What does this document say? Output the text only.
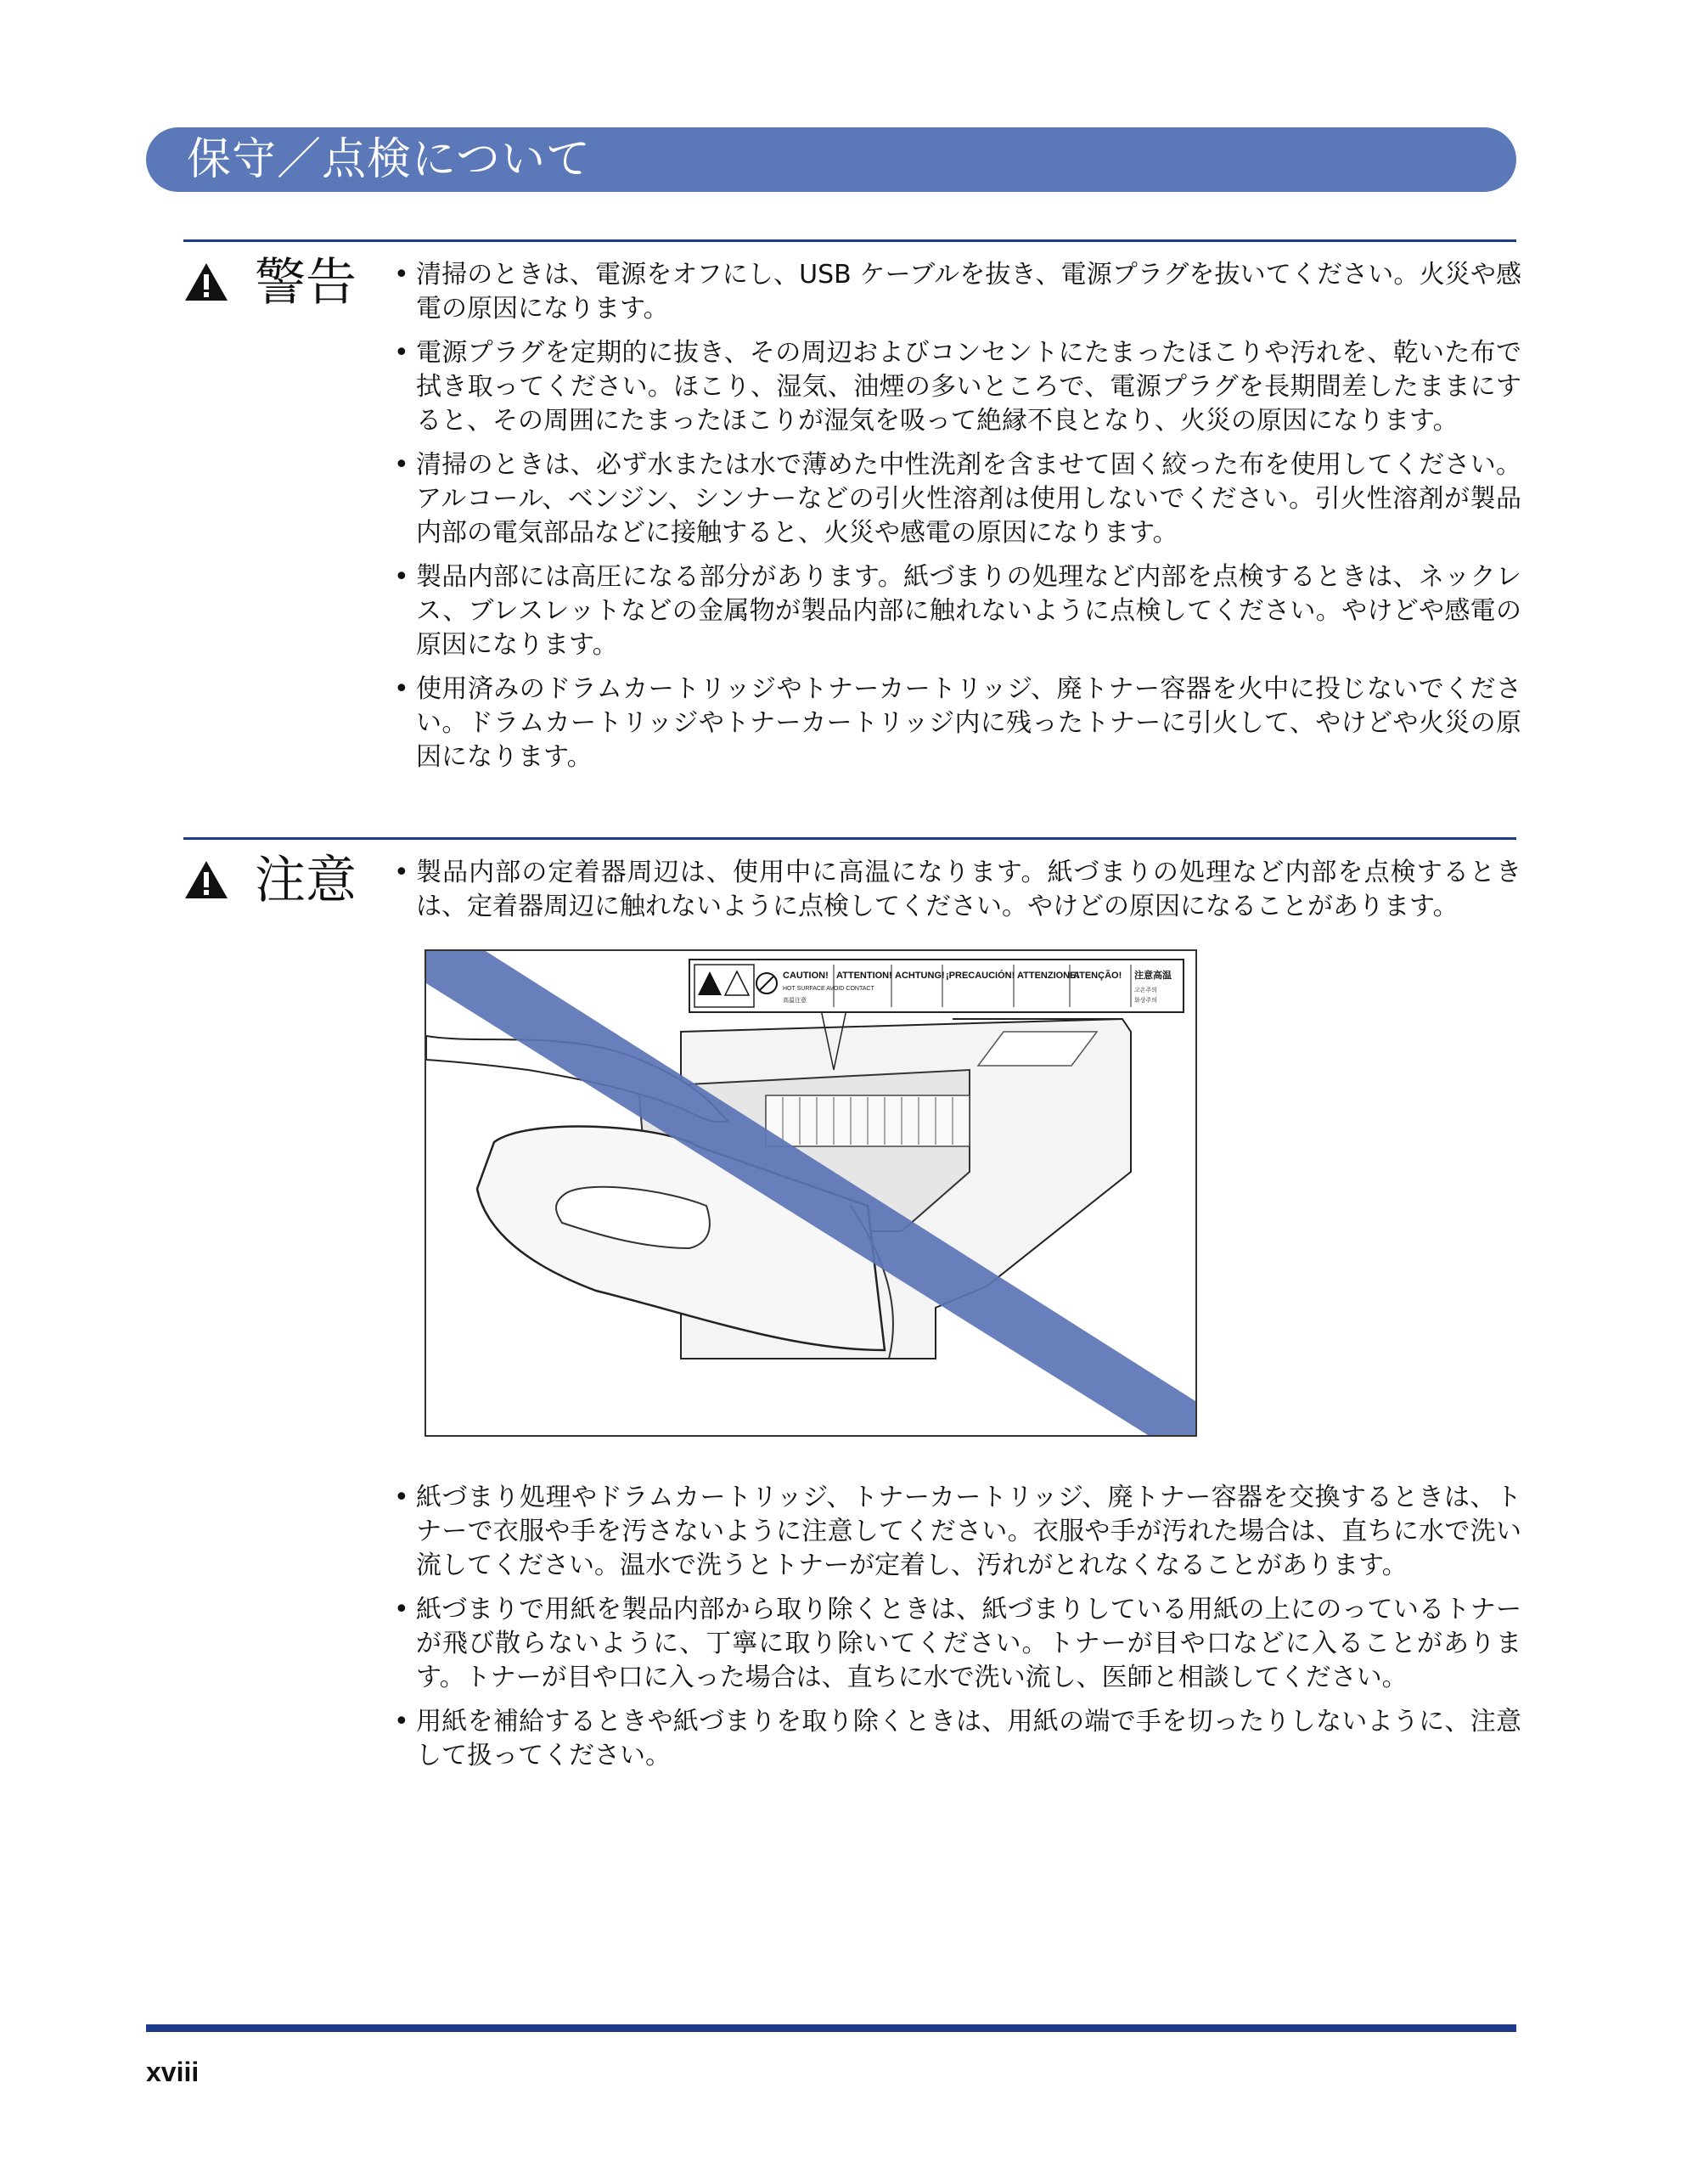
保守／点検について
警告 • 清掃のときは、電源をオフにし、USB ケーブルを抜き、電源プラグを抜いてください。火災や感電の原因になります。
• 電源プラグを定期的に抜き、その周辺およびコンセントにたまったほこりや汚れを、乾いた布で拭き取ってください。ほこり、湿気、油煙の多いところで、電源プラグを長期間差したままにすると、その周囲にたまったほこりが湿気を吸って絶縁不良となり、火災の原因になります。
• 清掃のときは、必ず水または水で薄めた中性洗剤を含ませて固く絞った布を使用してください。アルコール、ベンジン、シンナーなどの引火性溶剤は使用しないでください。引火性溶剤が製品内部の電気部品などに接触すると、火災や感電の原因になります。
• 製品内部には高圧になる部分があります。紙づまりの処理など内部を点検するときは、ネックレス、ブレスレットなどの金属物が製品内部に触れないように点検してください。やけどや感電の原因になります。
• 使用済みのドラムカートリッジやトナーカートリッジ、廃トナー容器を火中に投じないでください。ドラムカートリッジやトナーカートリッジ内に残ったトナーに引火して、やけどや火災の原因になります。
注意 • 製品内部の定着器周辺は、使用中に高温になります。紙づまりの処理など内部を点検するときは、定着器周辺に触れないように点検してください。やけどの原因になることがあります。
CAUTION! ATTENTION! ACHTUNG! ¡PRECAUCIÓN! ATTENZIONE!
ATENÇÃO! 注意高温
HOT SURFACE AVOID CONTACT
高温注意
고온주의
화상주의
• 紙づまり処理やドラムカートリッジ、トナーカートリッジ、廃トナー容器を交換するときは、トナーで衣服や手を汚さないように注意してください。衣服や手が汚れた場合は、直ちに水で洗い流してください。温水で洗うとトナーが定着し、汚れがとれなくなることがあります。
• 紙づまりで用紙を製品内部から取り除くときは、紙づまりしている用紙の上にのっているトナーが飛び散らないように、丁寧に取り除いてください。トナーが目や口などに入ることがあります。トナーが目や口に入った場合は、直ちに水で洗い流し、医師と相談してください。
• 用紙を補給するときや紙づまりを取り除くときは、用紙の端で手を切ったりしないように、注意して扱ってください。
xviii
